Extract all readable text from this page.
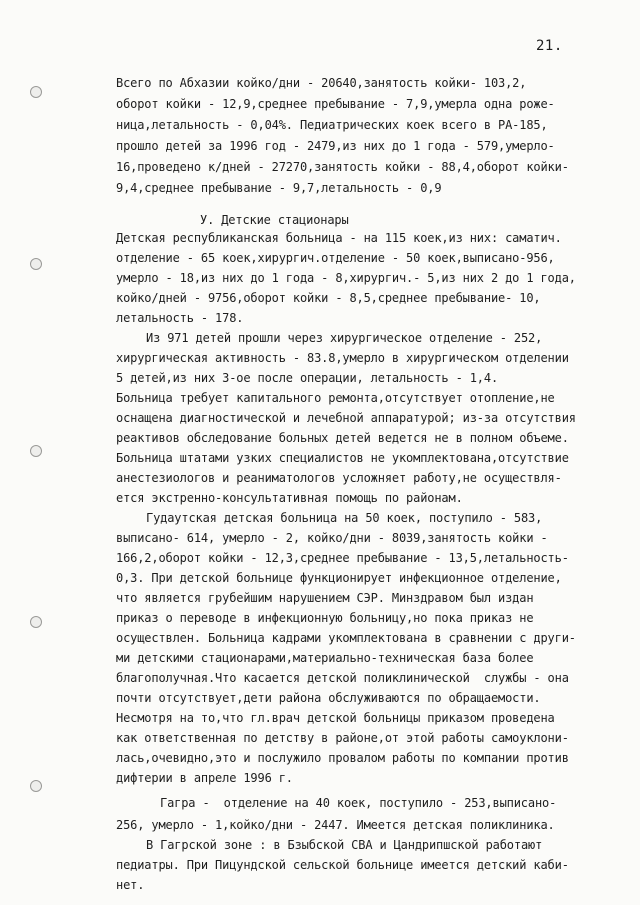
21.
Всего по Абхазии койко/дни - 20640,занятость койки- 103,2,
оборот койки - 12,9,среднее пребывание - 7,9,умерла одна роже-
ница,летальность - 0,04%. Педиатрических коек всего в РА-185,
прошло детей за 1996 год - 2479,из них до 1 года - 579,умерло-
16,проведено к/дней - 27270,занятость койки - 88,4,оборот койки-
9,4,среднее пребывание - 9,7,летальность - 0,9
У. Детские стационары
Детская республиканская больница - на 115 коек,из них: саматич.
отделение - 65 коек,хирургич.отделение - 50 коек,выписано-956,
умерло - 18,из них до 1 года - 8,хирургич.- 5,из них 2 до 1 года,
койко/дней - 9756,оборот койки - 8,5,среднее пребывание- 10,
летальность - 178.
Из 971 детей прошли через хирургическое отделение - 252,
хирургическая активность - 83.8,умерло в хирургическом отделении
5 детей,из них 3-ое после операции, летальность - 1,4.
Больница требует капитального ремонта,отсутствует отопление,не
оснащена диагностической и лечебной аппаратурой; из-за отсутствия
реактивов обследование больных детей ведется не в полном объеме.
Больница штатами узких специалистов не укомплектована,отсутствие
анестезиологов и реаниматологов усложняет работу,не осуществля-
ется экстренно-консультативная помощь по районам.
Гудаутская детская больница на 50 коек, поступило - 583,
выписано- 614, умерло - 2, койко/дни - 8039,занятость койки -
166,2,оборот койки - 12,3,среднее пребывание - 13,5,летальность-
0,3. При детской больнице функционирует инфекционное отделение,
что является грубейшим нарушением СЭР. Минздравом был издан
приказ о переводе в инфекционную больницу,но пока приказ не
осуществлен. Больница кадрами укомплектована в сравнении с други-
ми детскими стационарами,материально-техническая база более
благополучная.Что касается детской поликлинической  службы - она
почти отсутствует,дети района обслуживаются по обращаемости.
Несмотря на то,что гл.врач детской больницы приказом проведена
как ответственная по детству в районе,от этой работы самоуклони-
лась,очевидно,это и послужило провалом работы по компании против
дифтерии в апреле 1996 г.
Гагра -  отделение на 40 коек, поступило - 253,выписано-
256, умерло - 1,койко/дни - 2447. Имеется детская поликлиника.
В Гагрской зоне : в Бзыбской СВА и Цандрипшской работают
педиатры. При Пицундской сельской больнице имеется детский каби-
нет.
